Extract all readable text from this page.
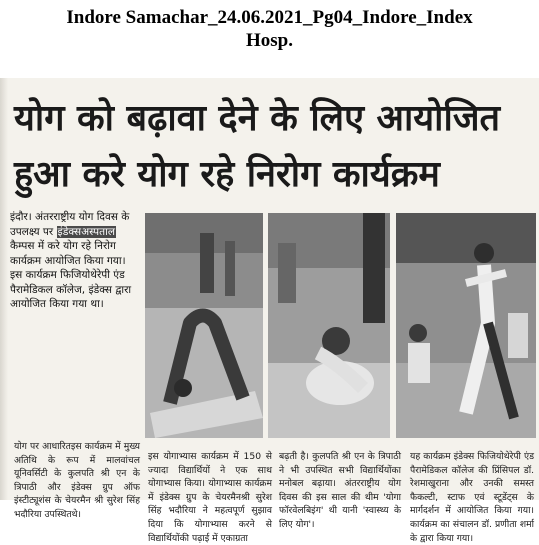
Indore Samachar_24.06.2021_Pg04_Indore_Index
Hosp.
योग को बढ़ावा देने के लिए आयोजित
हुआ करे योग रहे निरोग कार्यक्रम
इंदौर। अंतरराष्ट्रीय योग दिवस के उपलक्ष्य पर इंडेक्सअस्पताल कैम्पस में करे योग रहे निरोग कार्यक्रम आयोजित किया गया। इस कार्यक्रम फिजियोथेरेपी एंड पैरामेडिकल कॉलेज, इंडेक्स द्वारा आयोजित किया गया था।
योग पर आधारितइस कार्यक्रम में मुख्य अतिथि के रूप में मालवांचल यूनिवर्सिटी के कुलपति श्री एन के त्रिपाठी और इंडेक्स ग्रुप ऑफ इंस्टीट्यूशंस के चेयरमैन श्री सुरेश सिंह भदौरिया उपस्थितथे।
इस योगाभ्यास कार्यक्रम में 150 से ज्यादा विद्यार्थियों ने एक साथ योगाभ्यास किया। योगाभ्यास कार्यक्रम में इंडेक्स ग्रुप के चेयरमैनश्री सुरेश सिंह भदौरिया ने महत्वपूर्ण सुझाव दिया कि योगाभ्यास करने से विद्यार्थियोंकी पढ़ाई में एकाग्रता
बढ़ती है। कुलपति श्री एन के त्रिपाठी ने भी उपस्थित सभी विद्यार्थियोंका मनोबल बढ़ाया। अंतरराष्ट्रीय योग दिवस की इस साल की थीम 'योगा फॉरवेलबिइंग' थी यानी 'स्वास्थ्य के लिए योग'।
यह कार्यक्रम इंडेक्स फिजियोथेरेपी एंड पैरामेडिकल कॉलेज की प्रिंसिपल डॉ. रेशमाखुराना और उनकी समस्त फैकल्टी, स्टाफ एवं स्टूडेंट्स के मार्गदर्शन में आयोजित किया गया। कार्यक्रम का संचालन डॉ. प्रणीता शर्मा के द्वारा किया गया।
